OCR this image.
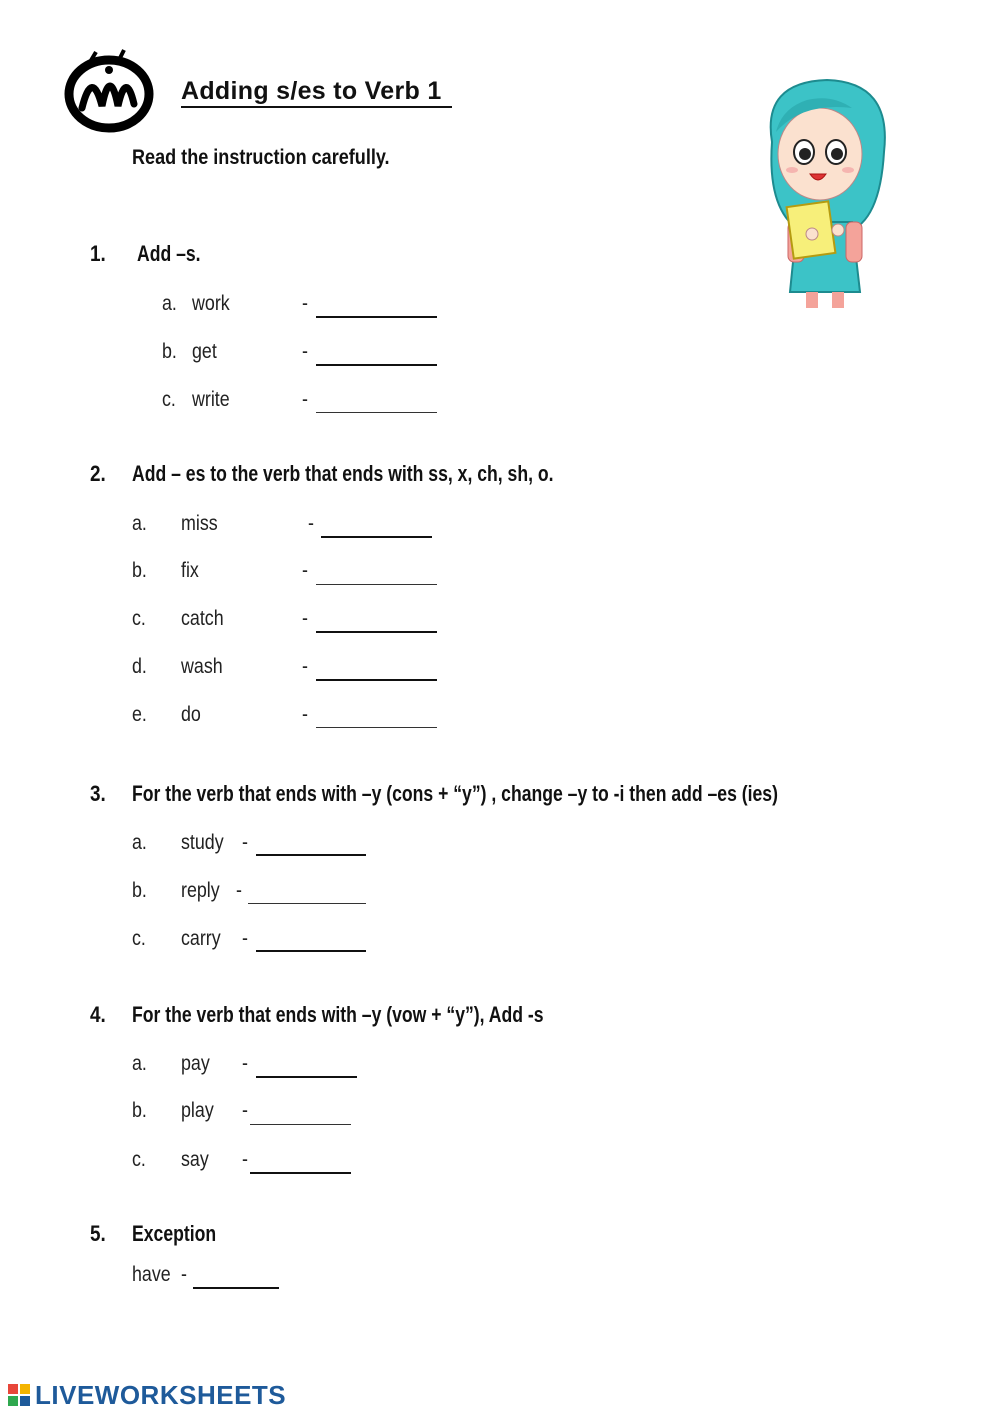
Adding s/es to Verb 1
Read the instruction carefully.
1. Add –s.
a. work	-
b. get	-
c. write	-
2. Add – es to the verb that ends with ss, x, ch, sh, o.
a. miss	-
b. fix	-
c. catch	-
d. wash	-
e. do	-
3. For the verb that ends with –y (cons + “y”) , change –y to -i then add –es (ies)
a. study -
b. reply -
c. carry -
4. For the verb that ends with –y (vow + “y”), Add -s
a. pay -
b. play -
c. say -
5. Exception
have -
LIVEWORKSHEETS
